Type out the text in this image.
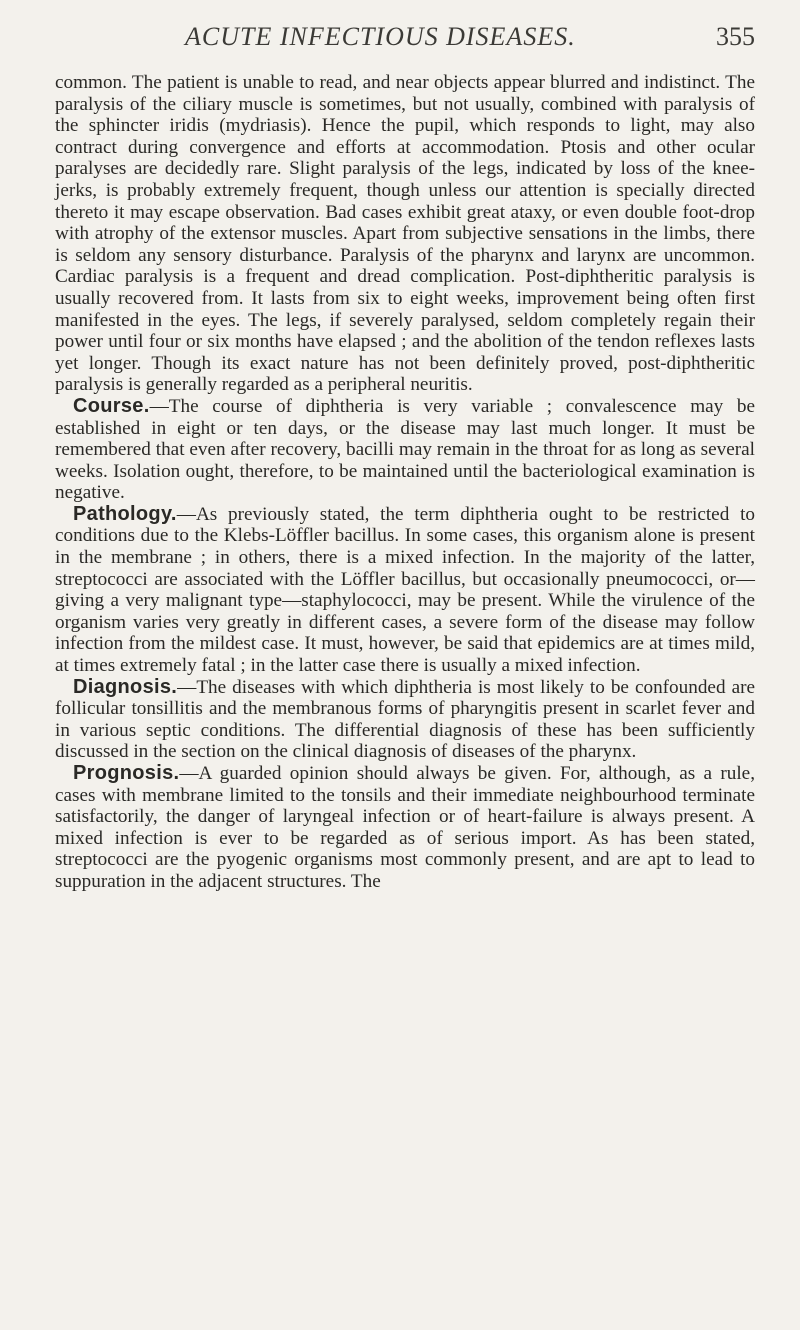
ACUTE INFECTIOUS DISEASES.	355

common. The patient is unable to read, and near objects appear blurred and indistinct. The paralysis of the ciliary muscle is sometimes, but not usually, combined with paralysis of the sphincter iridis (mydriasis). Hence the pupil, which responds to light, may also contract during convergence and efforts at accommodation. Ptosis and other ocular paralyses are decidedly rare. Slight paralysis of the legs, indicated by loss of the knee-jerks, is probably extremely frequent, though unless our attention is specially directed thereto it may escape observation. Bad cases exhibit great ataxy, or even double foot-drop with atrophy of the extensor muscles. Apart from subjective sensations in the limbs, there is seldom any sensory disturbance. Paralysis of the pharynx and larynx are uncommon. Cardiac paralysis is a frequent and dread complication. Post-diphtheritic paralysis is usually recovered from. It lasts from six to eight weeks, improvement being often first manifested in the eyes. The legs, if severely paralysed, seldom completely regain their power until four or six months have elapsed ; and the abolition of the tendon reflexes lasts yet longer. Though its exact nature has not been definitely proved, post-diphtheritic paralysis is generally regarded as a peripheral neuritis.

Course.—The course of diphtheria is very variable ; convalescence may be established in eight or ten days, or the disease may last much longer. It must be remembered that even after recovery, bacilli may remain in the throat for as long as several weeks. Isolation ought, therefore, to be maintained until the bacteriological examination is negative.

Pathology.—As previously stated, the term diphtheria ought to be restricted to conditions due to the Klebs-Löffler bacillus. In some cases, this organism alone is present in the membrane ; in others, there is a mixed infection. In the majority of the latter, streptococci are associated with the Löffler bacillus, but occasionally pneumococci, or—giving a very malignant type—staphylococci, may be present. While the virulence of the organism varies very greatly in different cases, a severe form of the disease may follow infection from the mildest case. It must, however, be said that epidemics are at times mild, at times extremely fatal ; in the latter case there is usually a mixed infection.

Diagnosis.—The diseases with which diphtheria is most likely to be confounded are follicular tonsillitis and the membranous forms of pharyngitis present in scarlet fever and in various septic conditions. The differential diagnosis of these has been sufficiently discussed in the section on the clinical diagnosis of diseases of the pharynx.

Prognosis.—A guarded opinion should always be given. For, although, as a rule, cases with membrane limited to the tonsils and their immediate neighbourhood terminate satisfactorily, the danger of laryngeal infection or of heart-failure is always present. A mixed infection is ever to be regarded as of serious import. As has been stated, streptococci are the pyogenic organisms most commonly present, and are apt to lead to suppuration in the adjacent structures. The
